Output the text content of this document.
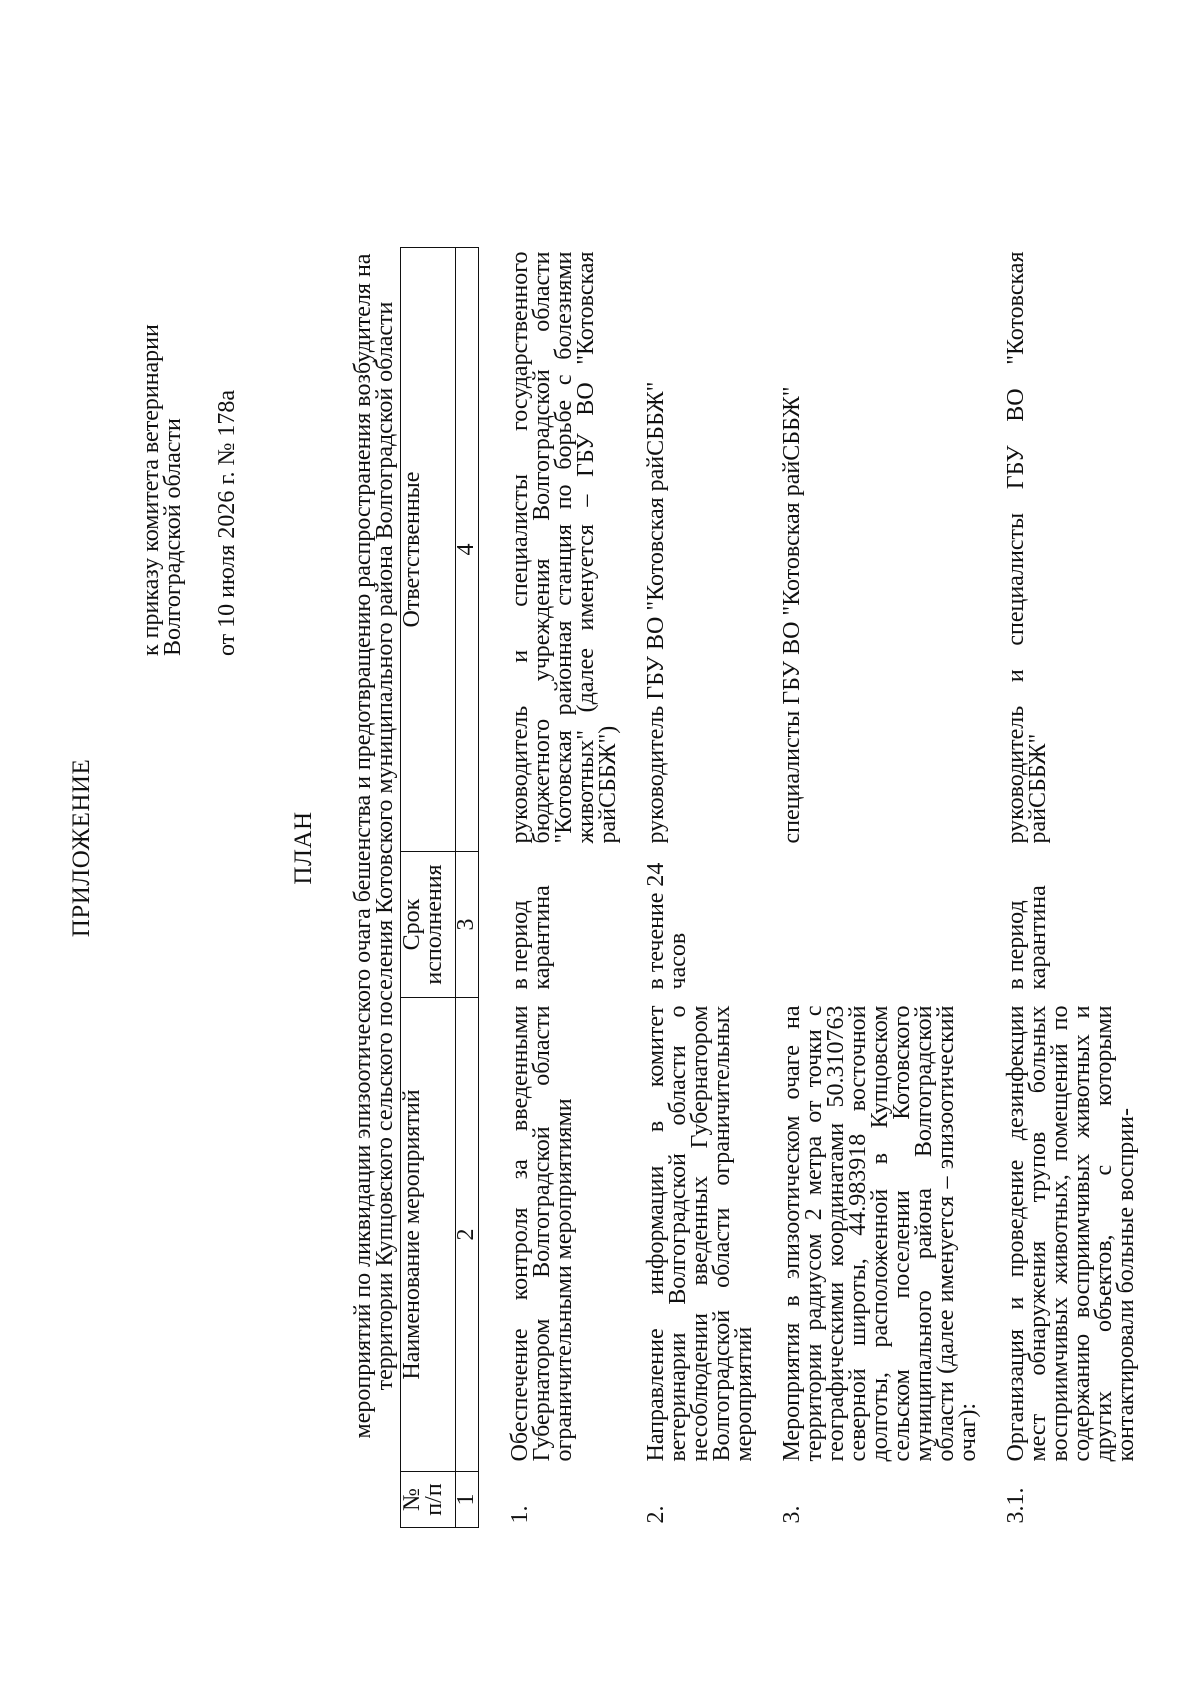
ПРИЛОЖЕНИЕ
к приказу комитета ветеринарии
Волгоградской области от 10 июля 2026 г. № 178а
ПЛАН мероприятий по ликвидации эпизоотического очага бешенства и предотвращению распространения возбудителя на
территории Купцовского сельского поселения Котовского муниципального района Волгоградской области
№ п/п	Наименование мероприятий	Срок исполнения	Ответственные
1	2	3	4
1.	Обеспечение контроля за введенными Губернатором Волгоградской области ограничительными мероприятиями	в период карантина	руководитель и специалисты государственного бюджетного учреждения Волгоградской области "Котовская районная станция по борьбе с болезнями животных" (далее именуется – ГБУ ВО "Котовская райСББЖ")
2.	Направление информации в комитет ветеринарии Волгоградской области о несоблюдении введенных Губернатором Волгоградской области ограничительных мероприятий	в течение 24 часов	руководитель ГБУ ВО "Котовская райСББЖ"
3.	Мероприятия в эпизоотическом очаге на территории радиусом 2 метра от точки с географическими координатами 50.310763 северной широты, 44.983918 восточной долготы, расположенной в Купцовском сельском поселении Котовского муниципального района Волгоградской области (далее именуется – эпизоотический очаг):		специалисты ГБУ ВО "Котовская райСББЖ"
3.1.	Организация и проведение дезинфекции мест обнаружения трупов больных восприимчивых животных, помещений по содержанию восприимчивых животных и других объектов, с которыми контактировали больные восприи-	в период карантина	руководитель и специалисты ГБУ ВО "Котовская райСББЖ"
